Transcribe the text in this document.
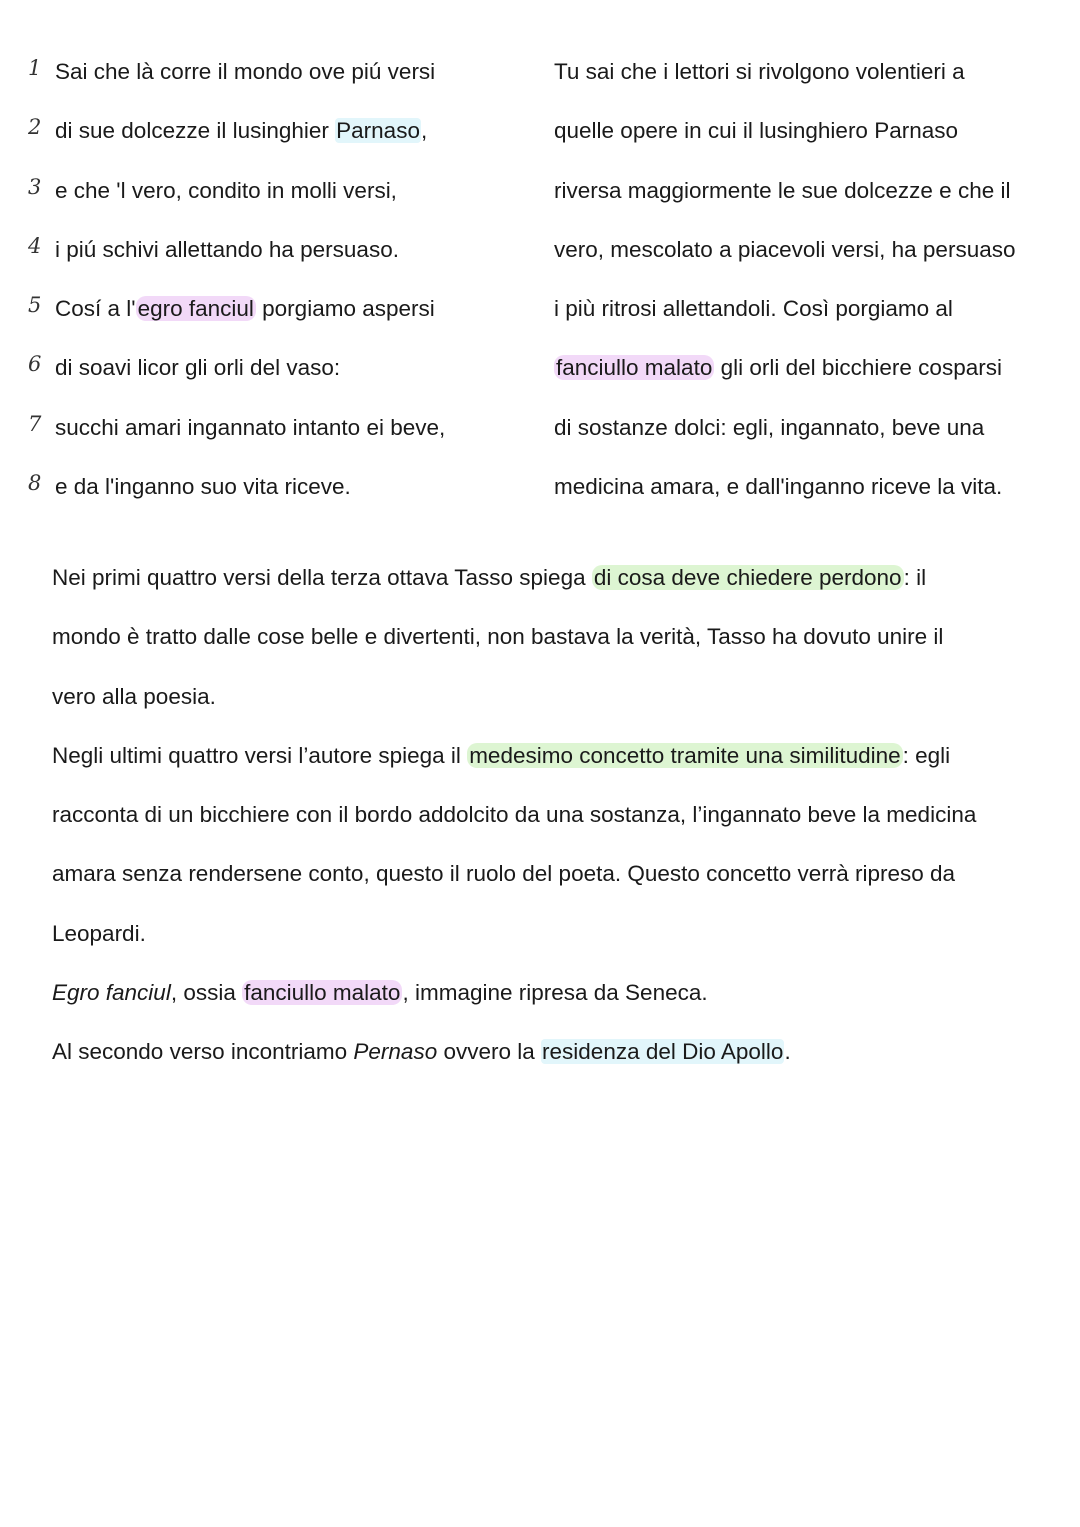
1 Sai che là corre il mondo ove piú versi	Tu sai che i lettori si rivolgono volentieri a
2 di sue dolcezze il lusinghier Parnaso,	quelle opere in cui il lusinghiero Parnaso
3 e che 'l vero, condito in molli versi,	riversa maggiormente le sue dolcezze e che il
4 i piú schivi allettando ha persuaso.	vero, mescolato a piacevoli versi, ha persuaso
5 Cosí a l'egro fanciul porgiamo aspersi	i più ritrosi allettandoli. Così porgiamo al
6 di soavi licor gli orli del vaso:	fanciullo malato gli orli del bicchiere cosparsi
7 succhi amari ingannato intanto ei beve,	di sostanze dolci: egli, ingannato, beve una
8 e da l'inganno suo vita riceve.	medicina amara, e dall'inganno riceve la vita.
Nei primi quattro versi della terza ottava Tasso spiega di cosa deve chiedere perdono: il
mondo è tratto dalle cose belle e divertenti, non bastava la verità, Tasso ha dovuto unire il
vero alla poesia.
Negli ultimi quattro versi l’autore spiega il medesimo concetto tramite una similitudine: egli
racconta di un bicchiere con il bordo addolcito da una sostanza, l’ingannato beve la medicina
amara senza rendersene conto, questo il ruolo del poeta. Questo concetto verrà ripreso da
Leopardi.
Egro fanciul, ossia fanciullo malato, immagine ripresa da Seneca.
Al secondo verso incontriamo Pernaso ovvero la residenza del Dio Apollo.
